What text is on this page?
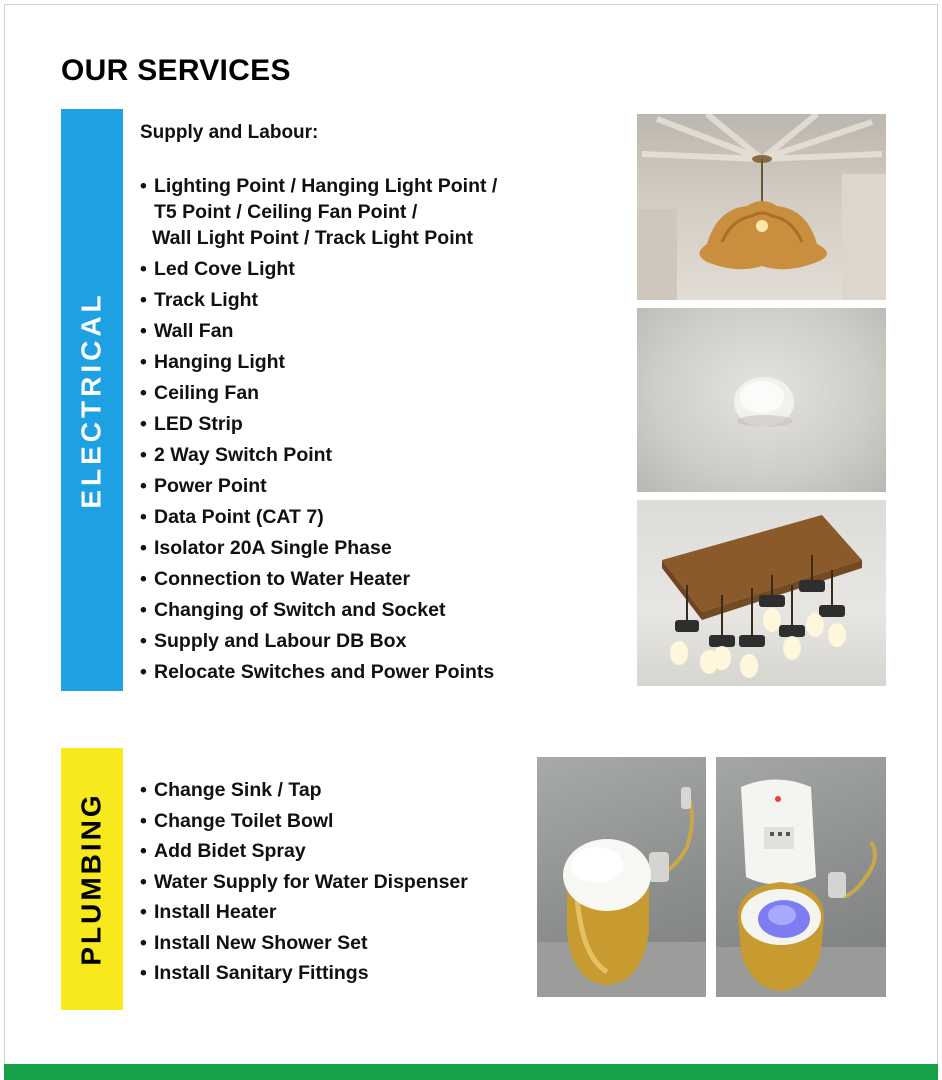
OUR SERVICES
ELECTRICAL
Supply and Labour:
• Lighting Point / Hanging Light Point /
T5 Point / Ceiling Fan Point /
Wall Light Point / Track Light Point
• Led Cove Light
• Track Light
• Wall Fan
• Hanging Light
• Ceiling Fan
• LED Strip
• 2 Way Switch Point
• Power Point
• Data Point (CAT 7)
• Isolator 20A Single Phase
• Connection to Water Heater
• Changing of Switch and Socket
• Supply and Labour DB Box
• Relocate Switches and Power Points
PLUMBING
• Change Sink / Tap
• Change Toilet Bowl
• Add Bidet Spray
• Water Supply for Water Dispenser
• Install Heater
• Install New Shower Set
• Install Sanitary Fittings
